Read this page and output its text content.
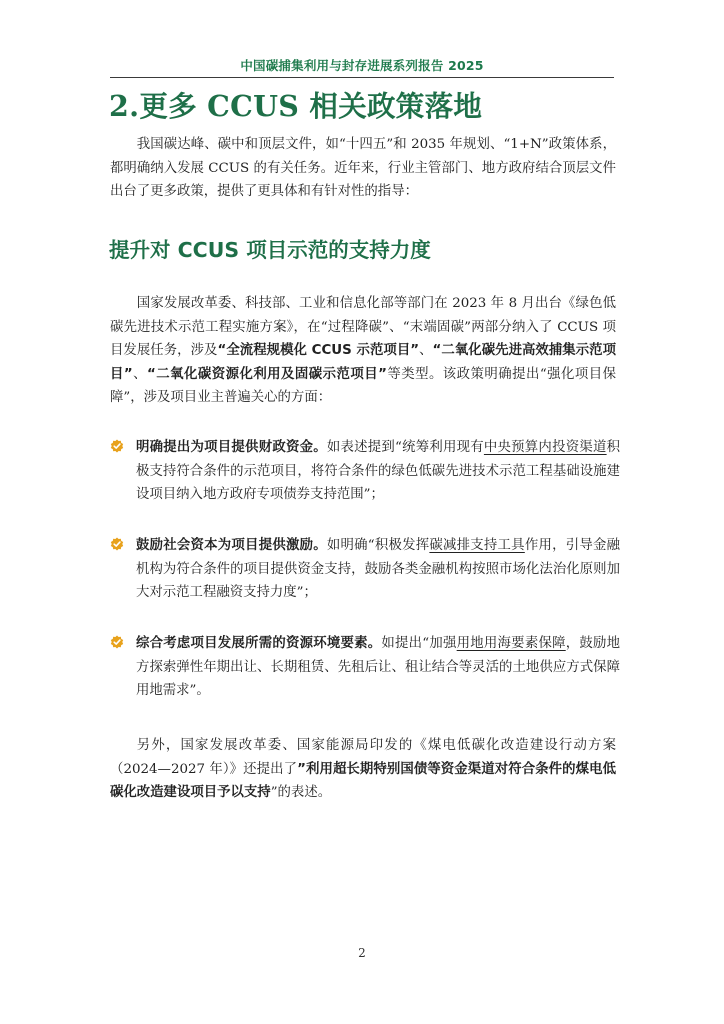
中国碳捕集利用与封存进展系列报告 2025
2.更多 CCUS 相关政策落地
我国碳达峰、碳中和顶层文件，如“十四五”和 2035 年规划、“1+N”政策体系，都明确纳入发展 CCUS 的有关任务。近年来，行业主管部门、地方政府结合顶层文件出台了更多政策，提供了更具体和有针对性的指导：
提升对 CCUS 项目示范的支持力度
国家发展改革委、科技部、工业和信息化部等部门在 2023 年 8 月出台《绿色低碳先进技术示范工程实施方案》，在“过程降碳”、“末端固碳”两部分纳入了 CCUS 项目发展任务，涉及“全流程规模化 CCUS 示范项目”、“二氧化碳先进高效捕集示范项目”、“二氧化碳资源化利用及固碳示范项目”等类型。该政策明确提出“强化项目保障”，涉及项目业主普遍关心的方面：
明确提出为项目提供财政资金。如表述提到“统筹利用现有中央预算内投资渠道积极支持符合条件的示范项目，将符合条件的绿色低碳先进技术示范工程基础设施建设项目纳入地方政府专项债券支持范围”；
鼓励社会资本为项目提供激励。如明确“积极发挥碳减排支持工具作用，引导金融机构为符合条件的项目提供资金支持，鼓励各类金融机构按照市场化法治化原则加大对示范工程融资支持力度”；
综合考虑项目发展所需的资源环境要素。如提出“加强用地用海要素保障，鼓励地方探索弹性年期出让、长期租赁、先租后让、租让结合等灵活的土地供应方式保障用地需求”。
另外，国家发展改革委、国家能源局印发的《煤电低碳化改造建设行动方案（2024—2027 年）》还提出了”利用超长期特别国债等资金渠道对符合条件的煤电低碳化改造建设项目予以支持”的表述。
2
